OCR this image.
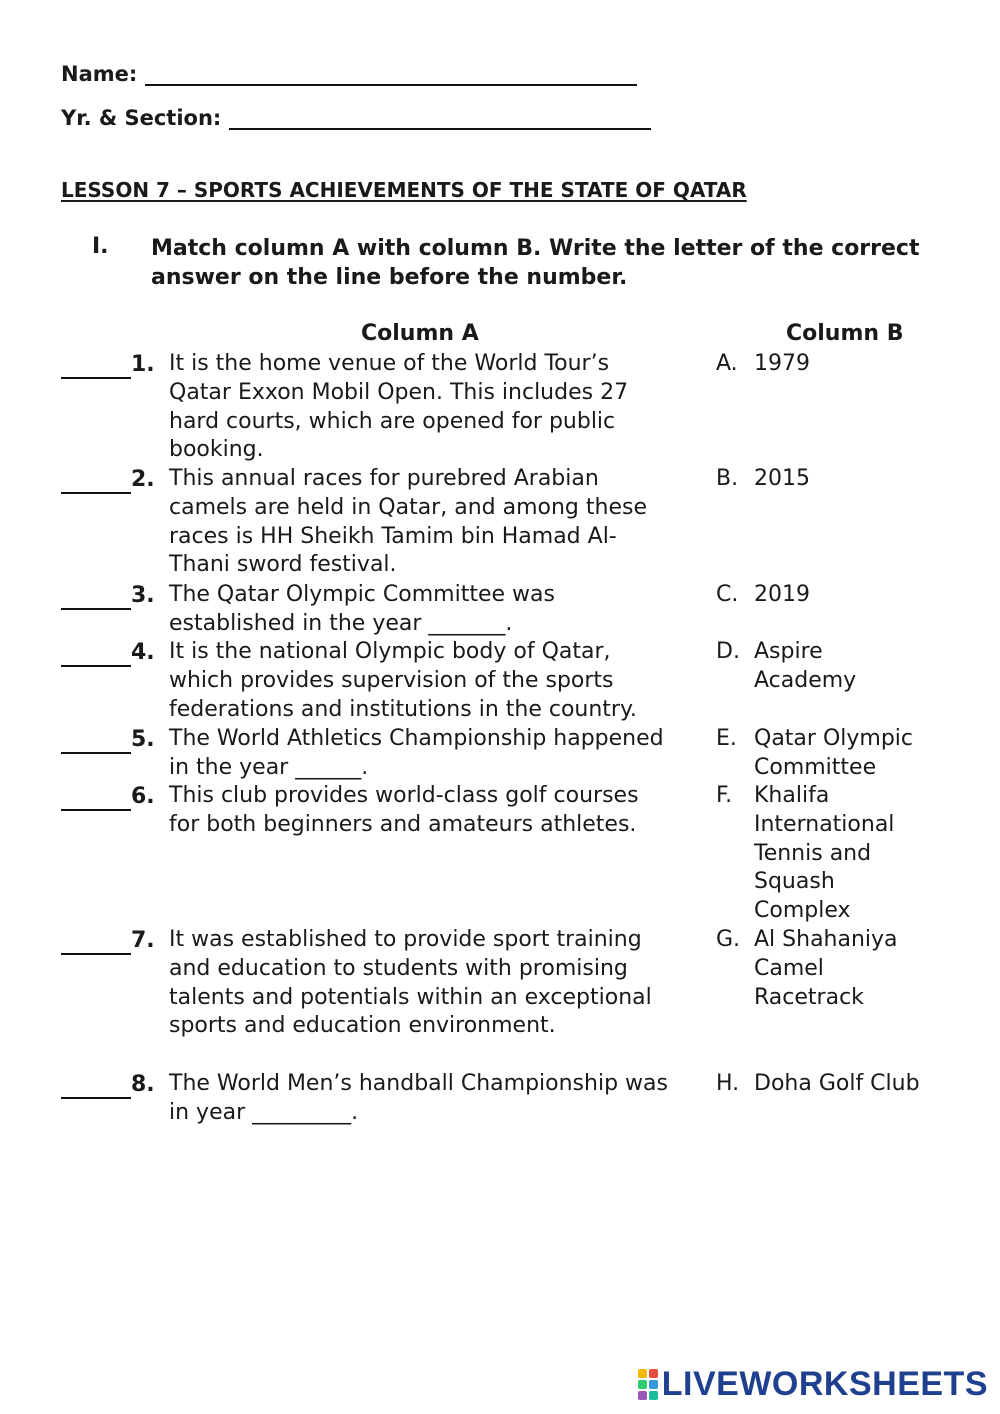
Name:
Yr. & Section:
LESSON 7 – SPORTS ACHIEVEMENTS OF THE STATE OF QATAR
I. Match column A with column B. Write the letter of the correct answer on the line before the number.
Column A	Column B
1. It is the home venue of the World Tour’s Qatar Exxon Mobil Open. This includes 27 hard courts, which are opened for public booking.
2. This annual races for purebred Arabian camels are held in Qatar, and among these races is HH Sheikh Tamim bin Hamad Al-Thani sword festival.
3. The Qatar Olympic Committee was established in the year _______.
4. It is the national Olympic body of Qatar, which provides supervision of the sports federations and institutions in the country.
5. The World Athletics Championship happened in the year ______.
6. This club provides world-class golf courses for both beginners and amateurs athletes.
7. It was established to provide sport training and education to students with promising talents and potentials within an exceptional sports and education environment.
8. The World Men’s handball Championship was in year _________.
A. 1979
B. 2015
C. 2019
D. Aspire Academy
E. Qatar Olympic Committee
F. Khalifa International Tennis and Squash Complex
G. Al Shahaniya Camel Racetrack
H. Doha Golf Club
LIVEWORKSHEETS
